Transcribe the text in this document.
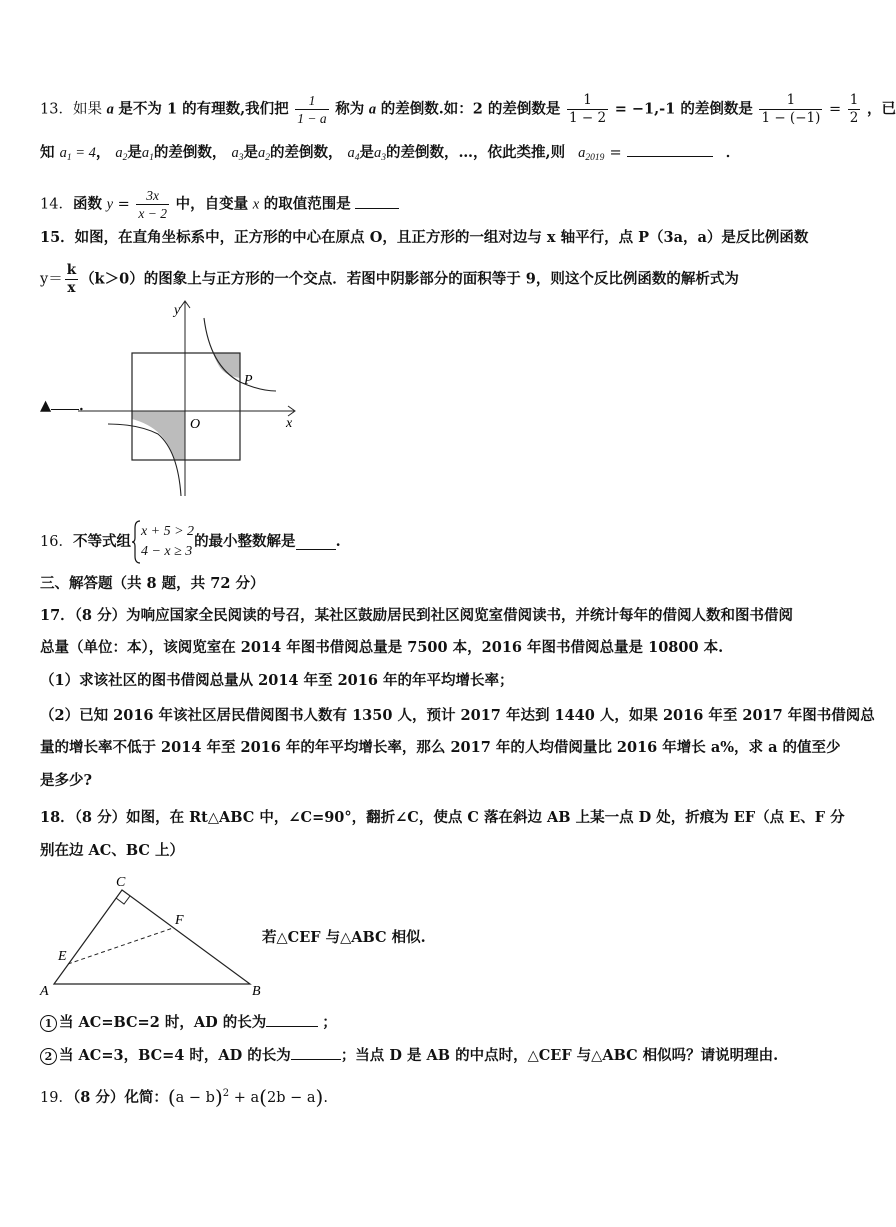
13．如果 a 是不为 1 的有理数,我们把 $\frac{1}{1 - a}$ 称为 a 的差倒数.如：2 的差倒数是 $\frac{1}{1 - 2} = -1,-1$ 的差倒数是 $\frac{1}{1 - (-1)} = \frac{1}{2}$ ，已
知 $a_1 = 4$， $a_2$是$a_1$的差倒数， $a_3$是$a_2$的差倒数， $a_4$是$a_3$的差倒数，…，依此类推,则 $a_{2019}$ =	．
14．函数 $y = \frac{3x}{x - 2}$ 中，自变量 x 的取值范围是
15．如图，在直角坐标系中，正方形的中心在原点 O，且正方形的一组对边与 x 轴平行，点 P（3a，a）是反比例函数
$y= \frac{k}{x} (k>0)$的图象上与正方形的一个交点．若图中阴影部分的面积等于 9，则这个反比例函数的解析式为
▲ ．
y
x
O
P
16．不等式组
x + 5 > 2
4 − x ≥ 3
的最小整数解是	.
三、解答题（共 8 题，共 72 分）
17．（8 分）为响应国家全民阅读的号召，某社区鼓励居民到社区阅览室借阅读书，并统计每年的借阅人数和图书借阅
总量（单位：本），该阅览室在 2014 年图书借阅总量是 7500 本，2016 年图书借阅总量是 10800 本.
（1）求该社区的图书借阅总量从 2014 年至 2016 年的年平均增长率；
（2）已知 2016 年该社区居民借阅图书人数有 1350 人，预计 2017 年达到 1440 人，如果 2016 年至 2017 年图书借阅总
量的增长率不低于 2014 年至 2016 年的年平均增长率，那么 2017 年的人均借阅量比 2016 年增长 a%，求 a 的值至少
是多少?
18．（8 分）如图，在 Rt△ABC 中，∠C=90°，翻折∠C，使点 C 落在斜边 AB 上某一点 D 处，折痕为 EF（点 E、F 分
别在边 AC、BC 上）
C
F
E
A	B
若△CEF 与△ABC 相似.
1 当 AC=BC=2 时，AD 的长为	；
2 当 AC=3，BC=4 时，AD 的长为	；当点 D 是 AB 的中点时，△CEF 与△ABC 相似吗？请说明理由.
19．（8 分）化简：$(a - b)^2 + a(2b - a)$.
